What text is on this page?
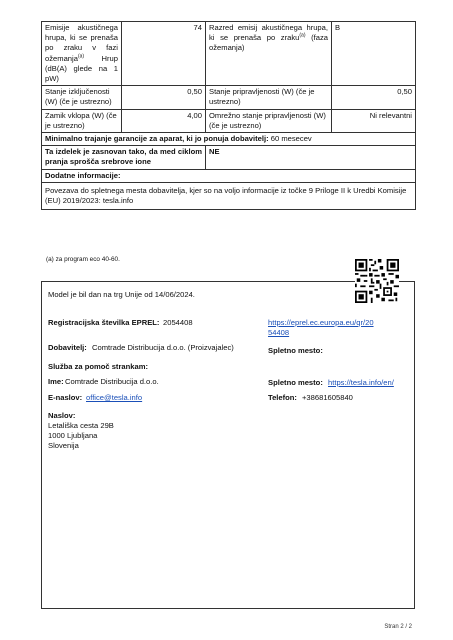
Emisije akustičnega hrupa, ki se prenaša po zraku v fazi ožemanja$^{(a)}$ Hrup (dB(A) glede na 1 pW)	74	Razred emisij akustičnega hrupa, ki se prenaša po zraku$^{(a)}$ (faza ožemanja)	B
Stanje izključenosti (W) (če je ustrezno)	0,50	Stanje pripravljenosti (W) (če je ustrezno)	0,50
Zamik vklopa (W) (če je ustrezno)	4,00	Omrežno stanje pripravljenosti (W) (če je ustrezno)	Ni relevantni
Minimalno trajanje garancije za aparat, ki jo ponuja dobavitelj: 60 mesecev			
Ta izdelek je zasnovan tako, da med ciklom pranja sprošča srebrove ione		NE	
Dodatne informacije:			
Povezava do spletnega mesta dobavitelja, kjer so na voljo informacije iz točke 9 Priloge II k Uredbi Komisije (EU) 2019/2023: tesla.info			
(a) za program eco 40-60.
Model je bil dan na trg Unije od 14/06/2024.
Registracijska številka EPREL: 2054408	https://eprel.ec.europa.eu/qr/20
54408
Dobavitelj: Comtrade Distribucija d.o.o. (Proizvajalec)	Spletno mesto:
Služba za pomoč strankam:
Ime: Comtrade Distribucija d.o.o.	Spletno mesto: https://tesla.info/en/
E-naslov: office@tesla.info	Telefon: +38681605840
Naslov:
Letališka cesta 29B
1000 Ljubljana
Slovenija
Stran 2 / 2
